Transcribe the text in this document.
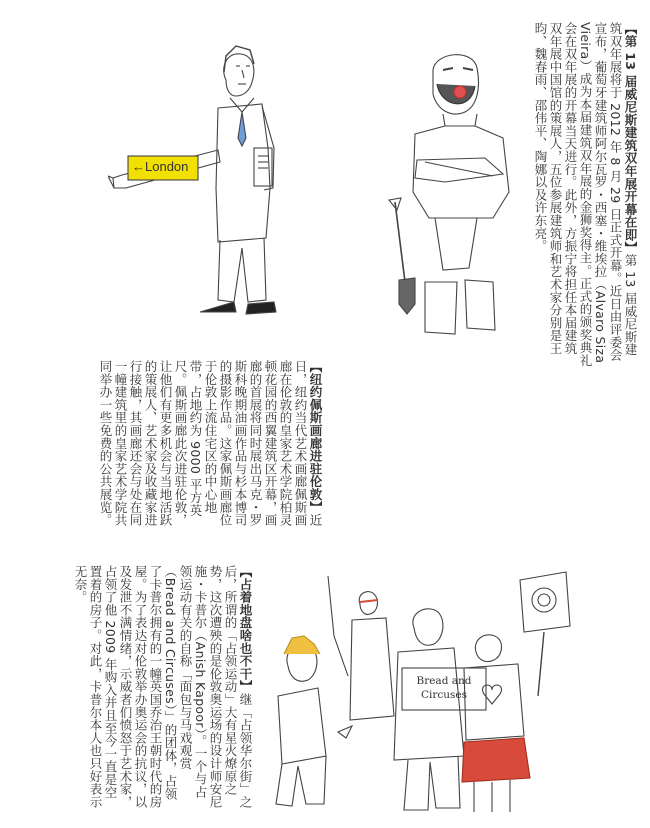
【第 13 届威尼斯建筑双年展开幕在即】第 13 届威尼斯建筑双年展将于 2012 年 8 月 29 日正式开幕。近日由评委会宣布，葡萄牙建筑师阿尔瓦罗・西塞・维埃拉（Alvaro Siza Vieira）成为本届建筑双年展的金狮奖得主。正式的颁奖典礼会在双年展的开幕当天进行。此外，方振宁将担任本届建筑双年展中国馆的策展人，五位参展建筑师和艺术家分别是王昀、魏春雨、邵伟平、陶娜以及许东亮。
【纽约佩斯画廊进驻伦敦】近日，纽约当代艺术画廊佩斯画廊在伦敦的皇家艺术学院柏灵顿花园的西翼建筑区开幕，画廊的首展将同时展出马克・罗斯科晚期油画作品与杉本博司的摄影作品。这家佩斯画廊位于伦敦上流住宅区的中心地带，占地约为 9000 平方英尺。佩斯画廊此次进驻伦敦，让他们有更多机会与当地活跃的策展人、艺术家及收藏家进行接触，其画廊还会与处在同一幢建筑里的皇家艺术学院共同举办一些免费的公共展览。
【占着地盘啥也不干】继「占领华尔街」之后，所谓的「占领运动」大有星火燎原之势，这次遭殃的是伦敦奥运场的设计师安尼施・卡普尔（Anish Kapoor）。一个与占领运动有关的自称「面包与马戏观赏（Bread and Circuses）」的团体，占领了卡普尔拥有的一幢英国乔治王朝时代的房屋。为了表达对伦敦举办奥运会的抗议，以及发泄不满情绪，示威者们愤怒于艺术家，占领了他 2009 年购入并且至今一直是空置着的房子。对此，卡普尔本人也只好表示无奈。
←London
Bread and Circuses
